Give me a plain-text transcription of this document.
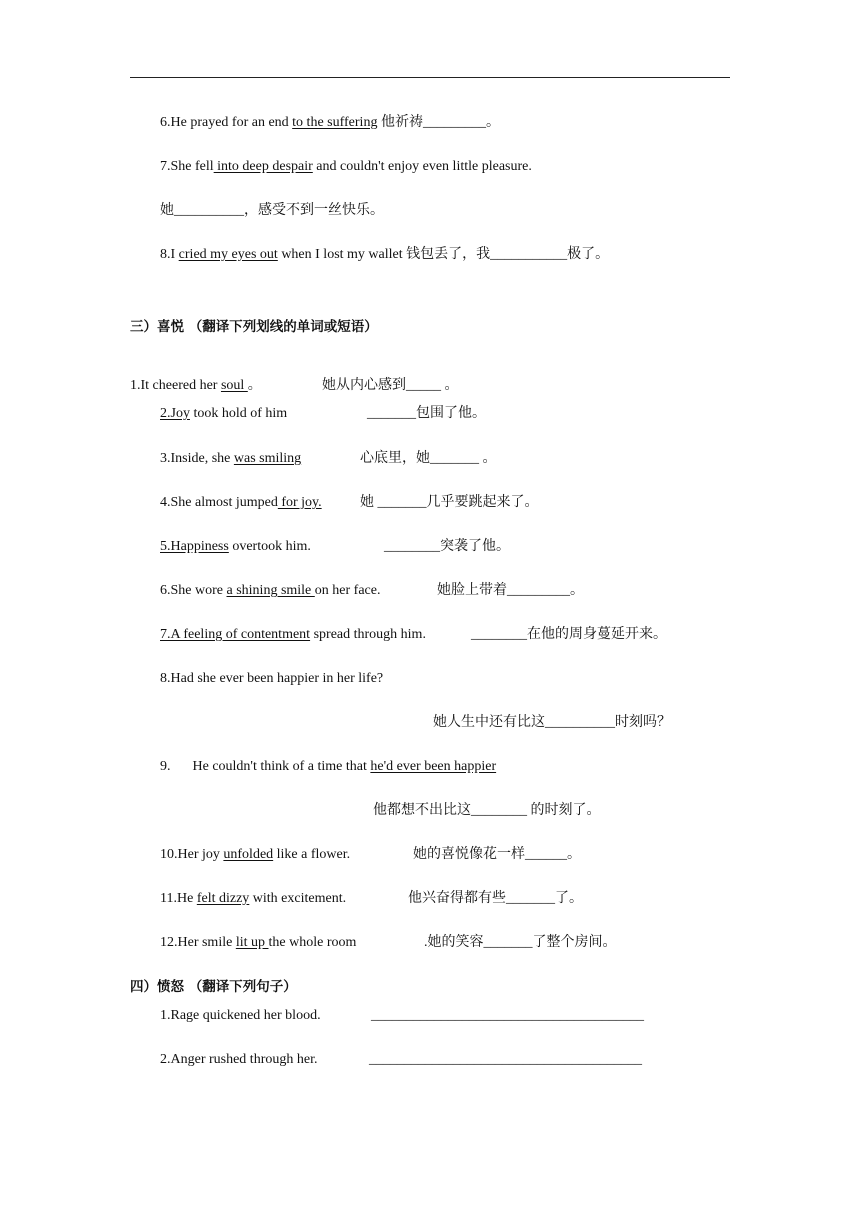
6.He prayed for an end to the suffering 他祈祷_________。
7.She fell into deep despair and couldn't enjoy even little pleasure.
她__________，感受不到一丝快乐。
8.I cried my eyes out when I lost my wallet 钱包丢了，我___________极了。
三）喜悦 （翻译下列划线的单词或短语）
1.It cheered her soul 。	她从内心感到_____ 。
2.Joy took hold of him	_______包围了他。
3.Inside, she was smiling	心底里，她_______ 。
4.She almost jumped for joy.	她 _______几乎要跳起来了。
5.Happiness overtook him.	________突袭了他。
6.She wore a shining smile on her face.	她脸上带着_________。
7.A feeling of contentment spread through him.	________在他的周身蔓延开来。
8.Had she ever been happier in her life?
她人生中还有比这__________时刻吗？
9. He couldn't think of a time that he'd ever been happier
他都想不出比这________ 的时刻了。
10.Her joy unfolded like a flower.	她的喜悦像花一样______。
11.He felt dizzy with excitement.	他兴奋得都有些_______了。
12.Her smile lit up the whole room	.她的笑容_______了整个房间。
四）愤怒 （翻译下列句子）
1.Rage quickened her blood.	_______________________________________
2.Anger rushed through her.	_______________________________________
